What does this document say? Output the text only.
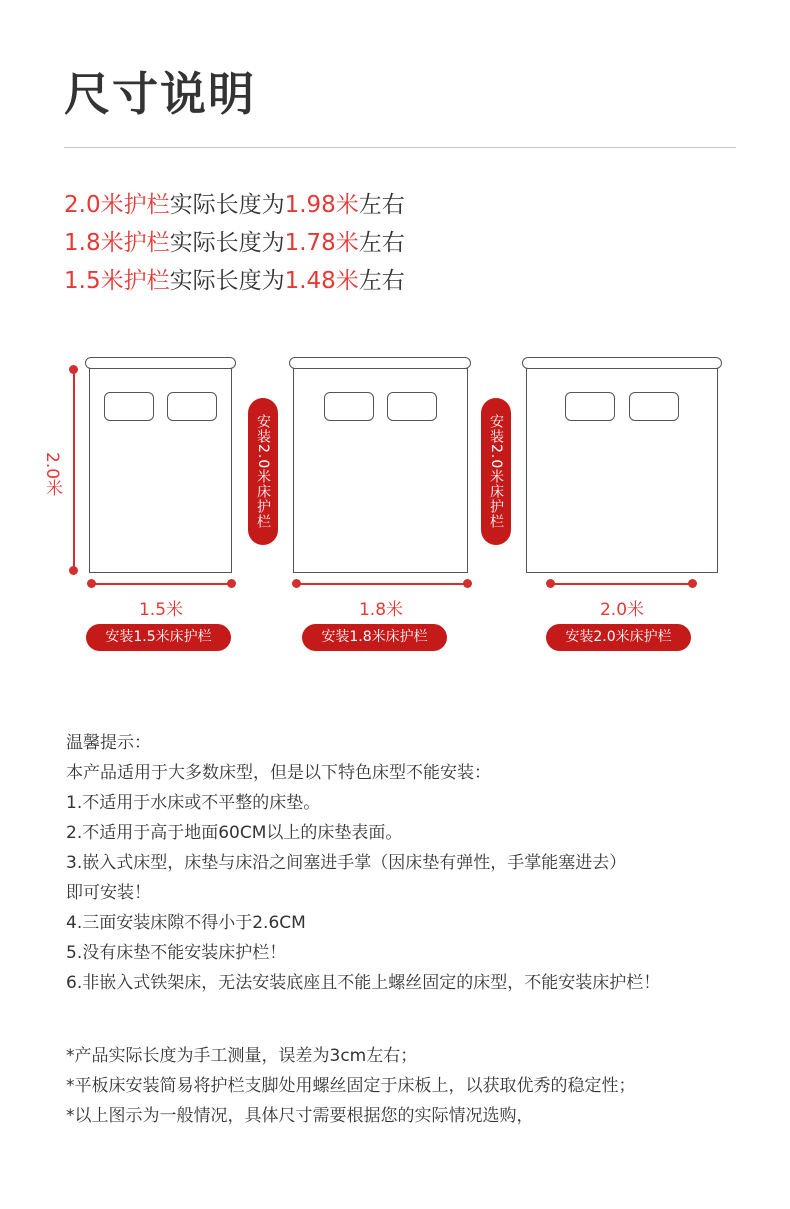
尺寸说明
2.0米护栏实际长度为1.98米左右
1.8米护栏实际长度为1.78米左右
1.5米护栏实际长度为1.48米左右
2.0米
1.5米
安装1.5米床护栏
安装2.0米床护栏
1.8米
安装1.8米床护栏
安装2.0米床护栏
2.0米
安装2.0米床护栏
温馨提示：
本产品适用于大多数床型，但是以下特色床型不能安装：
1.不适用于水床或不平整的床垫。
2.不适用于高于地面60CM以上的床垫表面。
3.嵌入式床型，床垫与床沿之间塞进手掌（因床垫有弹性，手掌能塞进去）
即可安装！
4.三面安装床隙不得小于2.6CM
5.没有床垫不能安装床护栏！
6.非嵌入式铁架床，无法安装底座且不能上螺丝固定的床型，不能安装床护栏！
*产品实际长度为手工测量，误差为3cm左右；
*平板床安装简易将护栏支脚处用螺丝固定于床板上，以获取优秀的稳定性；
*以上图示为一般情况，具体尺寸需要根据您的实际情况选购，
